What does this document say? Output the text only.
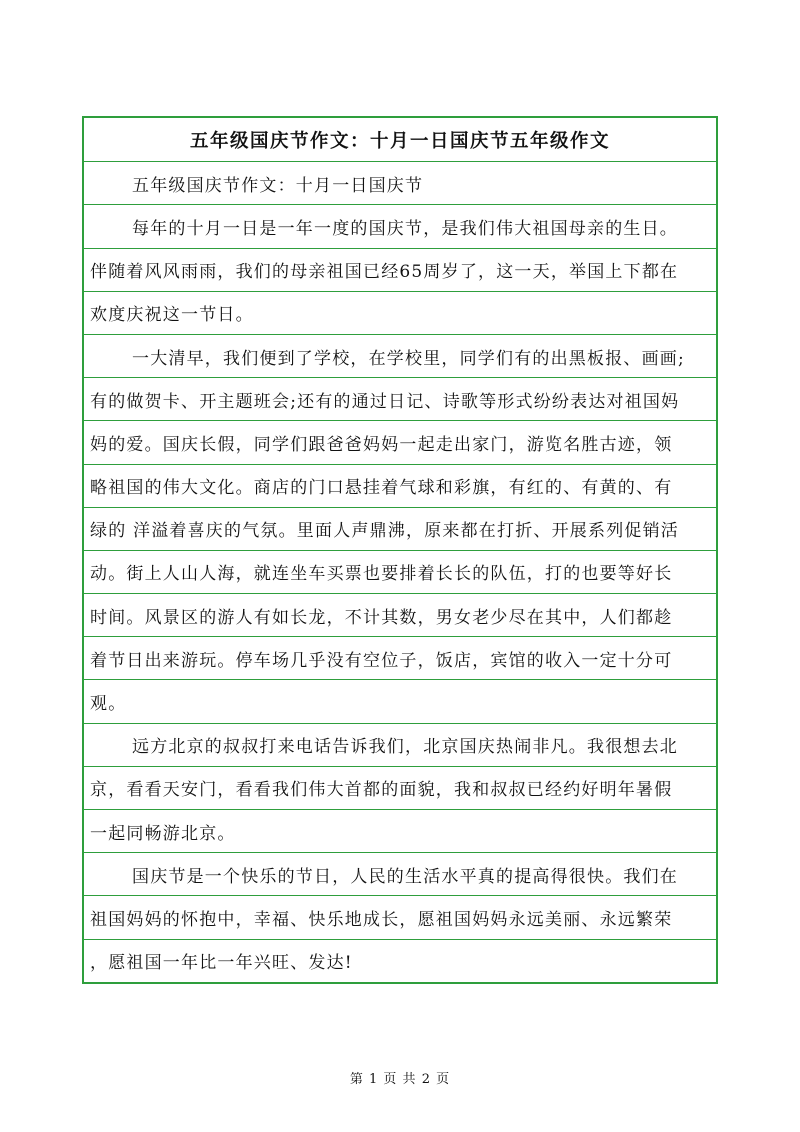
五年级国庆节作文：十月一日国庆节五年级作文
五年级国庆节作文：十月一日国庆节
每年的十月一日是一年一度的国庆节，是我们伟大祖国母亲的生日。
伴随着风风雨雨，我们的母亲祖国已经65周岁了，这一天，举国上下都在
欢度庆祝这一节日。
一大清早，我们便到了学校，在学校里，同学们有的出黑板报、画画;
有的做贺卡、开主题班会;还有的通过日记、诗歌等形式纷纷表达对祖国妈
妈的爱。国庆长假，同学们跟爸爸妈妈一起走出家门，游览名胜古迹，领
略祖国的伟大文化。商店的门口悬挂着气球和彩旗，有红的、有黄的、有
绿的 洋溢着喜庆的气氛。里面人声鼎沸，原来都在打折、开展系列促销活
动。街上人山人海，就连坐车买票也要排着长长的队伍，打的也要等好长
时间。风景区的游人有如长龙，不计其数，男女老少尽在其中，人们都趁
着节日出来游玩。停车场几乎没有空位子，饭店，宾馆的收入一定十分可
观。
远方北京的叔叔打来电话告诉我们，北京国庆热闹非凡。我很想去北
京，看看天安门，看看我们伟大首都的面貌，我和叔叔已经约好明年暑假
一起同畅游北京。
国庆节是一个快乐的节日，人民的生活水平真的提高得很快。我们在
祖国妈妈的怀抱中，幸福、快乐地成长，愿祖国妈妈永远美丽、永远繁荣
，愿祖国一年比一年兴旺、发达!
第 1 页 共 2 页
